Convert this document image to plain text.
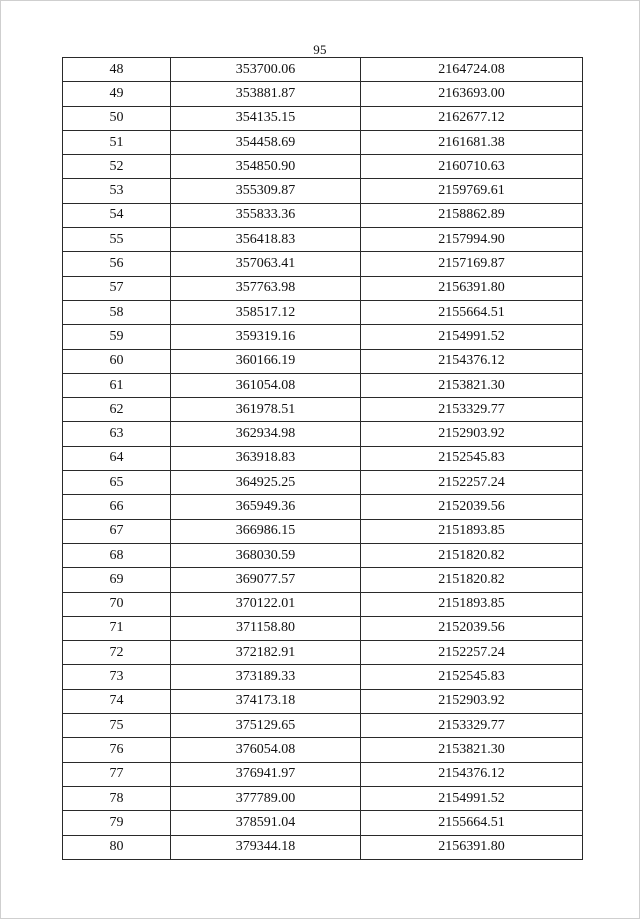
95
48	353700.06	2164724.08
49	353881.87	2163693.00
50	354135.15	2162677.12
51	354458.69	2161681.38
52	354850.90	2160710.63
53	355309.87	2159769.61
54	355833.36	2158862.89
55	356418.83	2157994.90
56	357063.41	2157169.87
57	357763.98	2156391.80
58	358517.12	2155664.51
59	359319.16	2154991.52
60	360166.19	2154376.12
61	361054.08	2153821.30
62	361978.51	2153329.77
63	362934.98	2152903.92
64	363918.83	2152545.83
65	364925.25	2152257.24
66	365949.36	2152039.56
67	366986.15	2151893.85
68	368030.59	2151820.82
69	369077.57	2151820.82
70	370122.01	2151893.85
71	371158.80	2152039.56
72	372182.91	2152257.24
73	373189.33	2152545.83
74	374173.18	2152903.92
75	375129.65	2153329.77
76	376054.08	2153821.30
77	376941.97	2154376.12
78	377789.00	2154991.52
79	378591.04	2155664.51
80	379344.18	2156391.80
